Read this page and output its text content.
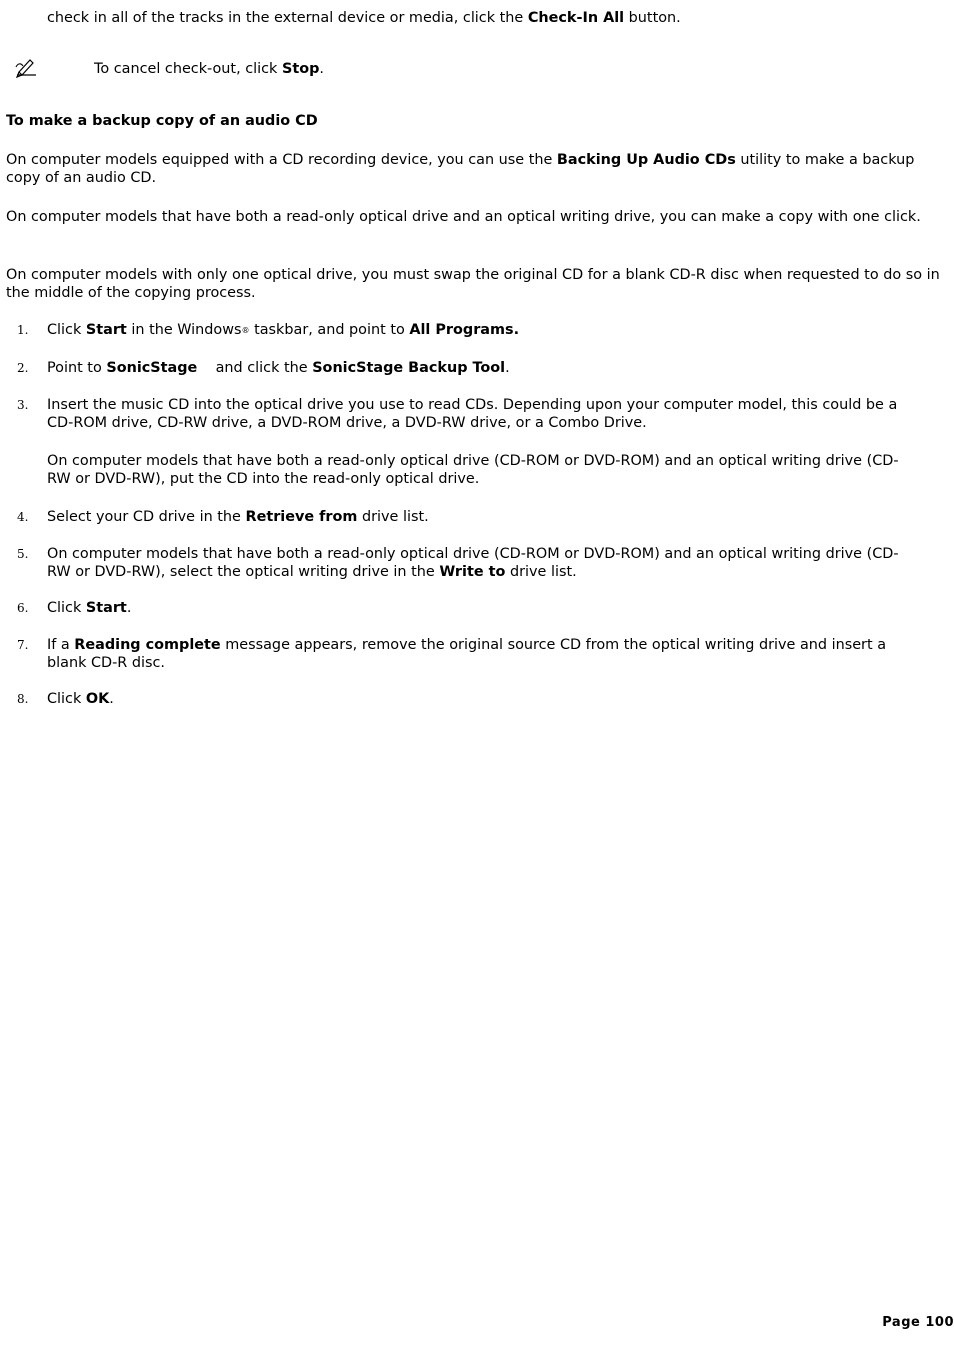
check in all of the tracks in the external device or media, click the Check-In All button.
To cancel check-out, click Stop.
To make a backup copy of an audio CD
On computer models equipped with a CD recording device, you can use the Backing Up Audio CDs utility to make a backup copy of an audio CD.
On computer models that have both a read-only optical drive and an optical writing drive, you can make a copy with one click.
On computer models with only one optical drive, you must swap the original CD for a blank CD-R disc when requested to do so in the middle of the copying process.
1. Click Start in the Windows® taskbar, and point to All Programs.
2. Point to SonicStage    and click the SonicStage Backup Tool.
3. Insert the music CD into the optical drive you use to read CDs. Depending upon your computer model, this could be a CD-ROM drive, CD-RW drive, a DVD-ROM drive, a DVD-RW drive, or a Combo Drive.
On computer models that have both a read-only optical drive (CD-ROM or DVD-ROM) and an optical writing drive (CD-RW or DVD-RW), put the CD into the read-only optical drive.
4. Select your CD drive in the Retrieve from drive list.
5. On computer models that have both a read-only optical drive (CD-ROM or DVD-ROM) and an optical writing drive (CD-RW or DVD-RW), select the optical writing drive in the Write to drive list.
6. Click Start.
7. If a Reading complete message appears, remove the original source CD from the optical writing drive and insert a blank CD-R disc.
8. Click OK.
Page 100
